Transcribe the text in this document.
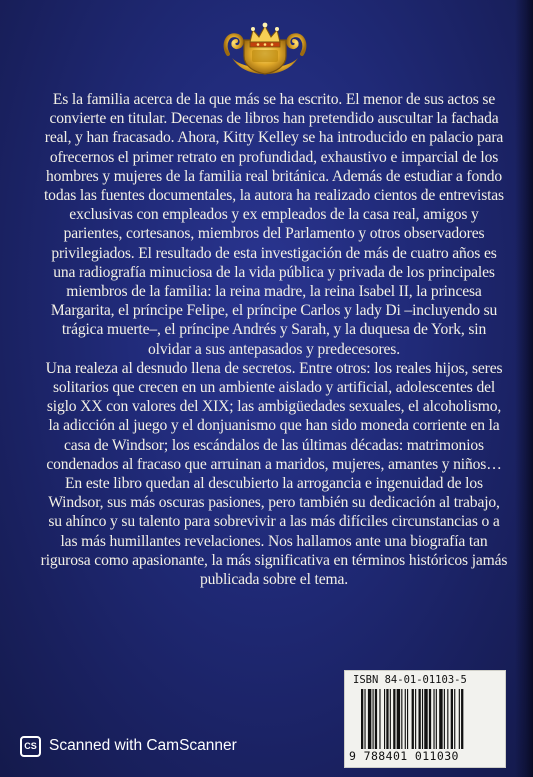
Es la familia acerca de la que más se ha escrito. El menor de sus actos se convierte en titular. Decenas de libros han pretendido auscultar la fachada real, y han fracasado. Ahora, Kitty Kelley se ha introducido en palacio para ofrecernos el primer retrato en profundidad, exhaustivo e imparcial de los hombres y mujeres de la familia real británica. Además de estudiar a fondo todas las fuentes documentales, la autora ha realizado cientos de entrevistas exclusivas con empleados y ex empleados de la casa real, amigos y parientes, cortesanos, miembros del Parlamento y otros observadores privilegiados. El resultado de esta investigación de más de cuatro años es una radiografía minuciosa de la vida pública y privada de los principales miembros de la familia: la reina madre, la reina Isabel II, la princesa Margarita, el príncipe Felipe, el príncipe Carlos y lady Di –incluyendo su trágica muerte–, el príncipe Andrés y Sarah, y la duquesa de York, sin olvidar a sus antepasados y predecesores.

Una realeza al desnudo llena de secretos. Entre otros: los reales hijos, seres solitarios que crecen en un ambiente aislado y artificial, adolescentes del siglo XX con valores del XIX; las ambigüedades sexuales, el alcoholismo, la adicción al juego y el donjuanismo que han sido moneda corriente en la casa de Windsor; los escándalos de las últimas décadas: matrimonios condenados al fracaso que arruinan a maridos, mujeres, amantes y niños…

En este libro quedan al descubierto la arrogancia e ingenuidad de los Windsor, sus más oscuras pasiones, pero también su dedicación al trabajo, su ahínco y su talento para sobrevivir a las más difíciles circunstancias o a las más humillantes revelaciones. Nos hallamos ante una biografía tan rigurosa como apasionante, la más significativa en términos históricos jamás publicada sobre el tema.

ISBN 84-01-01103-5
9 788401 011030
CS Scanned with CamScanner
